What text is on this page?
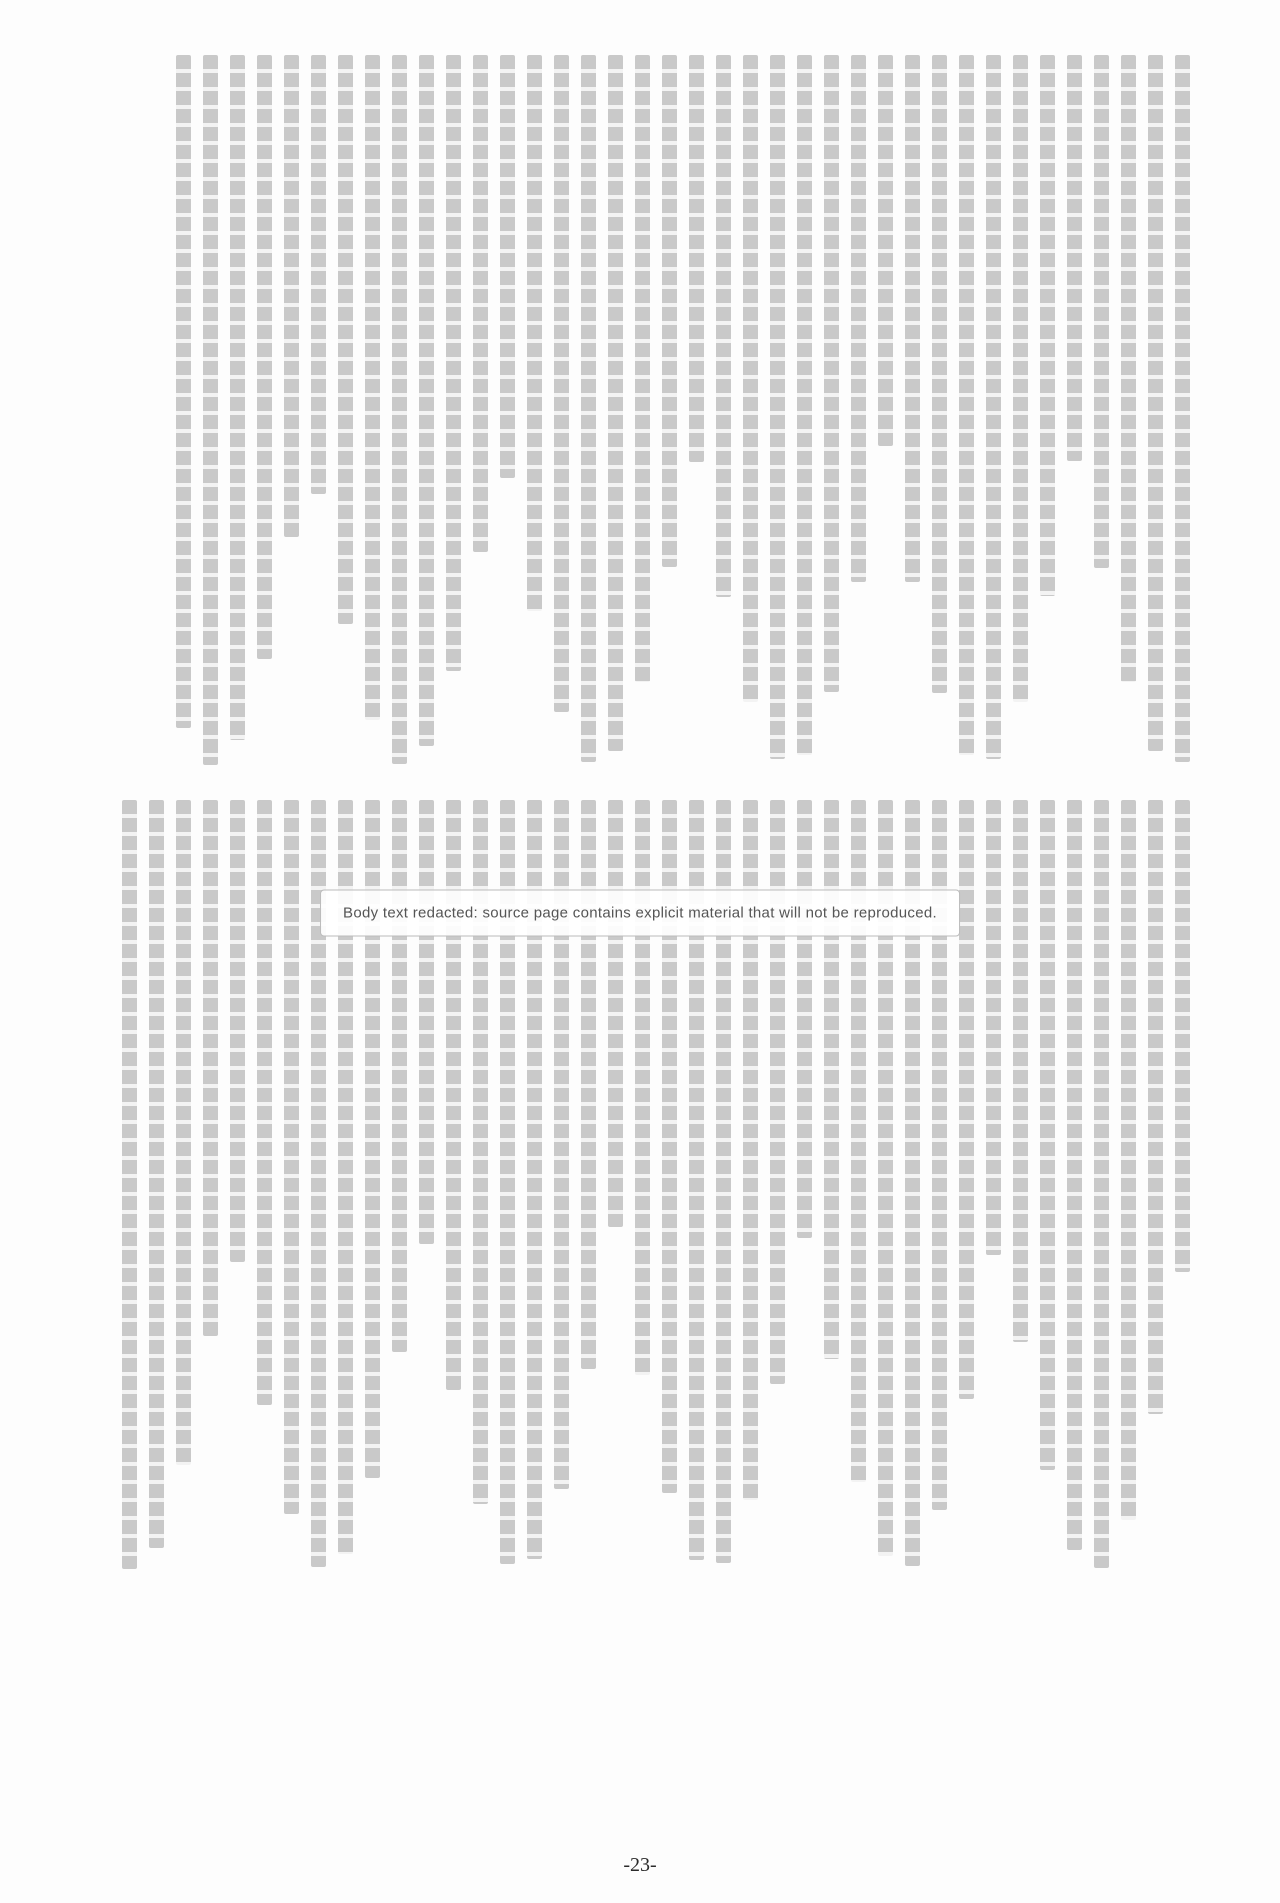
Body text redacted: source page contains explicit material that will not be reproduced.
-23-
